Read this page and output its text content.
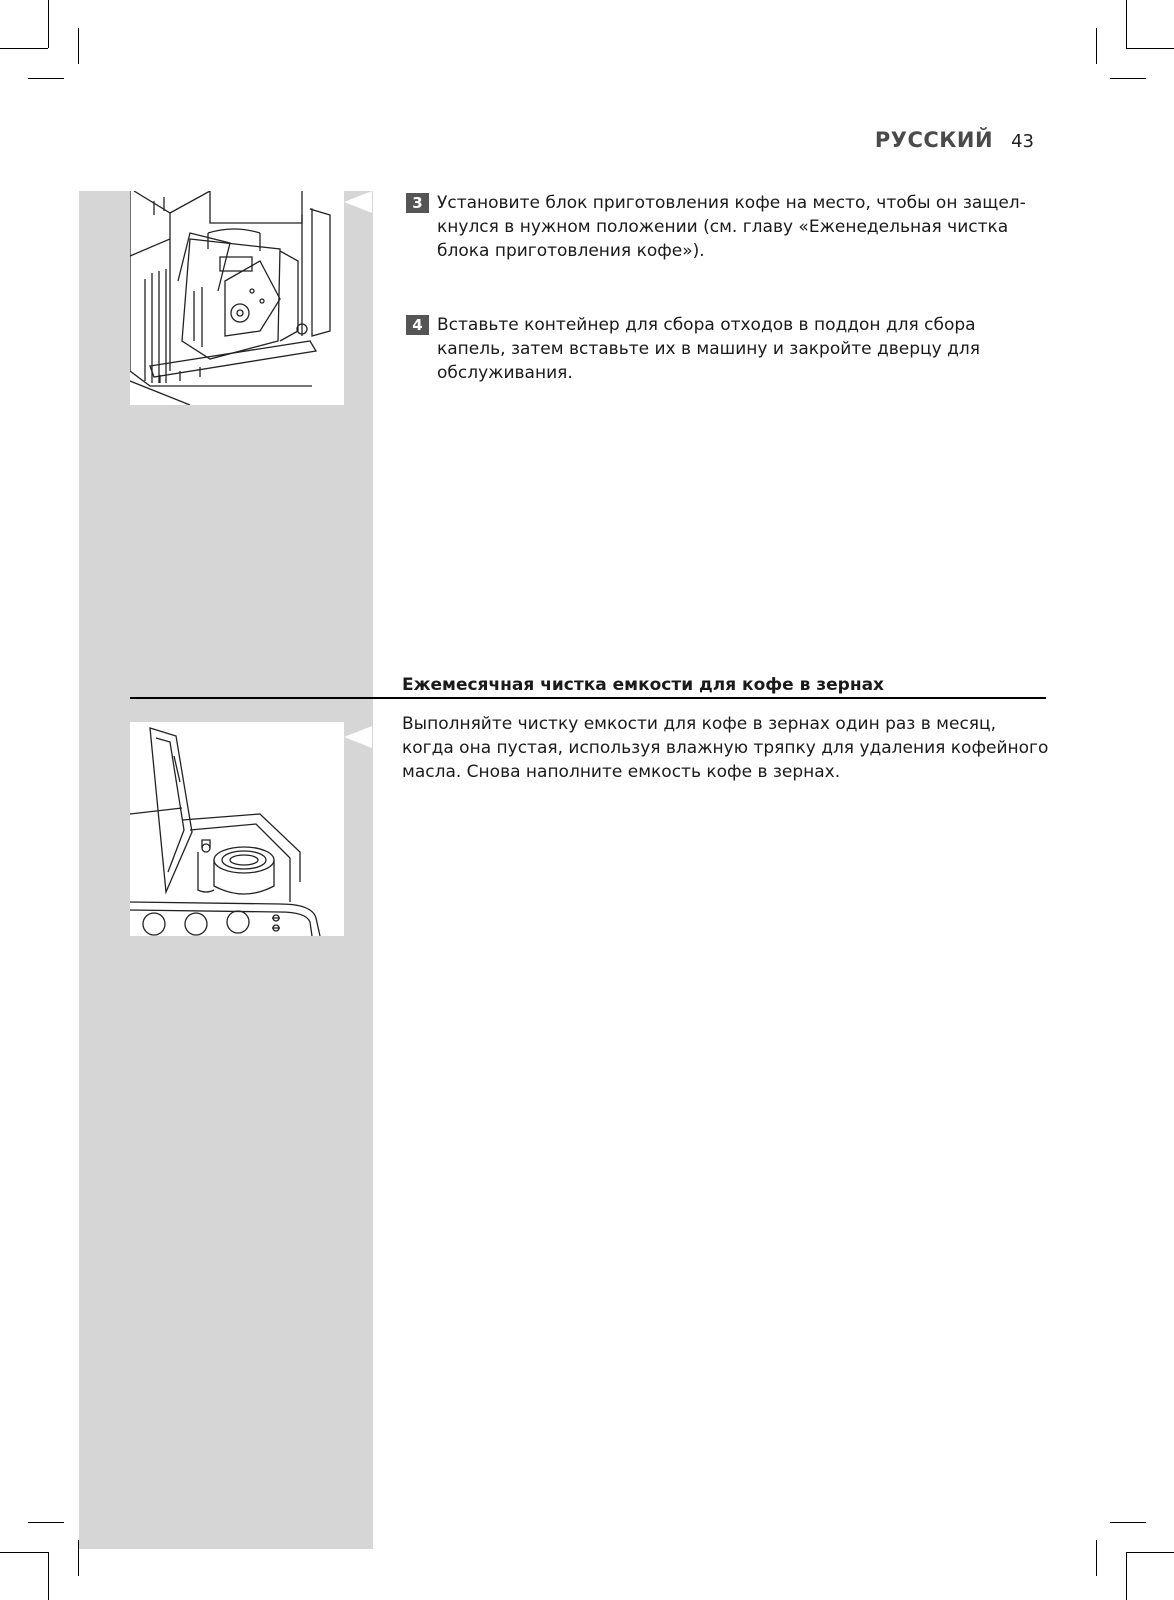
РУССКИЙ 43
3 Установите блок приготовления кофе на место, чтобы он защел-кнулся в нужном положении (см. главу «Еженедельная чистка блока приготовления кофе»).
4 Вставьте контейнер для сбора отходов в поддон для сбора капель, затем вставьте их в машину и закройте дверцу для обслуживания.
Ежемесячная чистка емкости для кофе в зернах
Выполняйте чистку емкости для кофе в зернах один раз в месяц, когда она пустая, используя влажную тряпку для удаления кофейного масла. Снова наполните емкость кофе в зернах.
